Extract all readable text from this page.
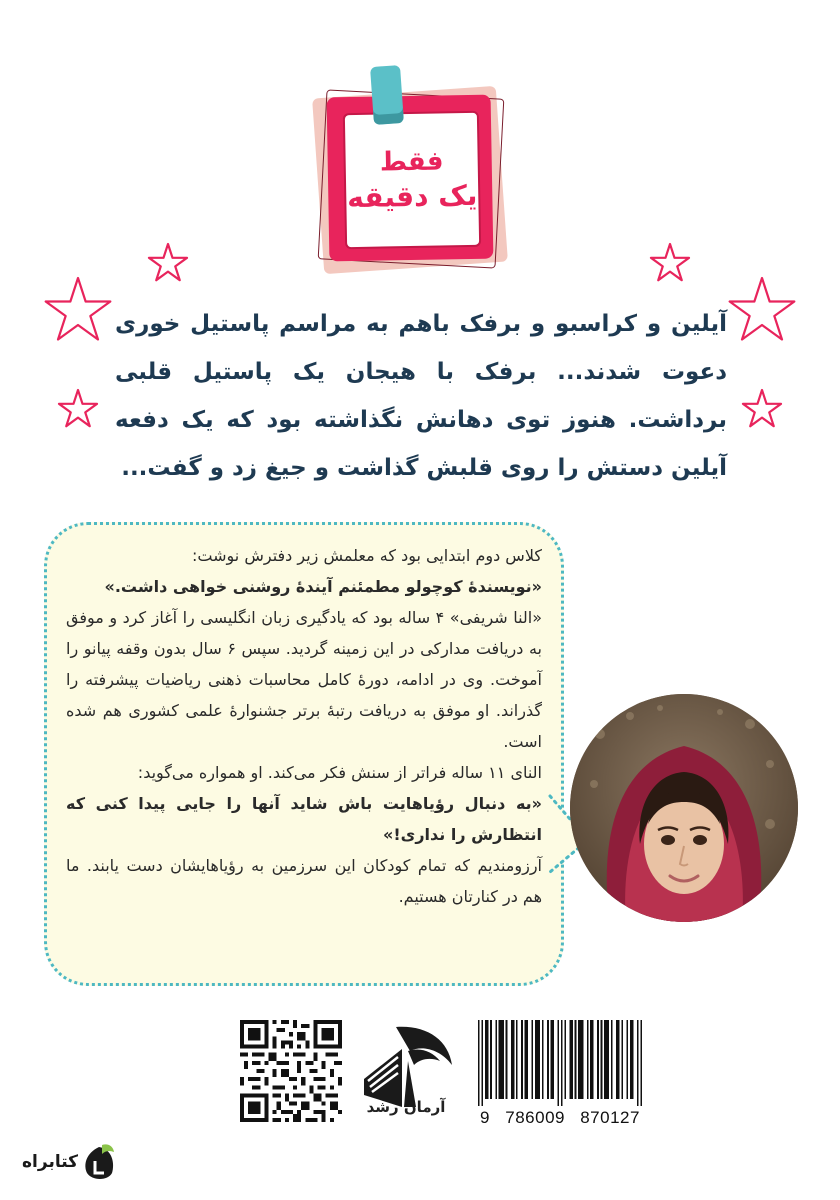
فقط
یک دقیقه

آیلین و کراسبو و برفک باهم به مراسم پاستیل خوری دعوت شدند... برفک با هیجان یک پاستیل قلبی برداشت. هنوز توی دهانش نگذاشته بود که یک دفعه آیلین دستش را روی قلبش گذاشت و جیغ زد و گفت...

کلاس دوم ابتدایی بود که معلمش زیر دفترش نوشت:

«نویسندۀ کوچولو مطمئنم آیندۀ روشنی خواهی داشت.»

«النا شریفی» ۴ ساله بود که یادگیری زبان انگلیسی را آغاز کرد و موفق به دریافت مدارکی در این زمینه گردید. سپس ۶ سال بدون وقفه پیانو را آموخت. وی در ادامه، دورۀ کامل محاسبات ذهنی ریاضیات پیشرفته را گذراند. او موفق به دریافت رتبۀ برتر جشنوارۀ علمی کشوری هم شده است.

النای ۱۱ ساله فراتر از سنش فکر می‌کند. او همواره می‌گوید:

«به دنبال رؤیاهایت باش شاید آنها را جایی پیدا کنی که انتظارش را نداری!»

آرزومندیم که تمام کودکان این سرزمین به رؤیاهایشان دست یابند. ما هم در کنارتان هستیم.

آرمان رشد
9 786009 870127
کتابراه
